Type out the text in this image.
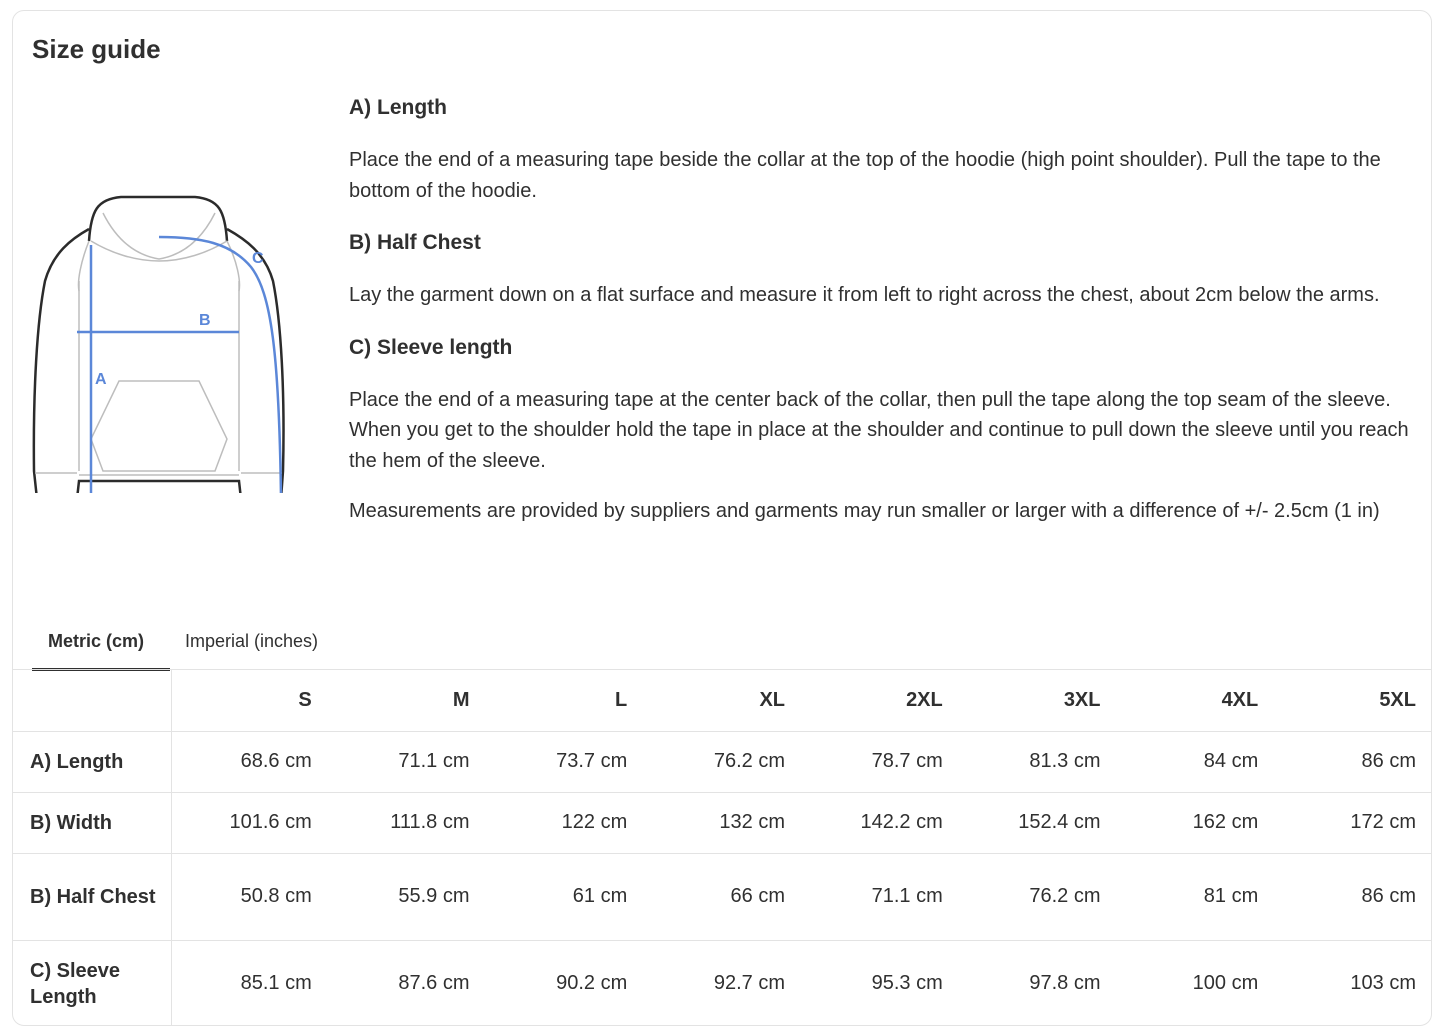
Size guide
A
B
C
A) Length

Place the end of a measuring tape beside the collar at the top of the hoodie (high point shoulder). Pull the tape to the bottom of the hoodie.

B) Half Chest

Lay the garment down on a flat surface and measure it from left to right across the chest, about 2cm below the arms.

C) Sleeve length

Place the end of a measuring tape at the center back of the collar, then pull the tape along the top seam of the sleeve. When you get to the shoulder hold the tape in place at the shoulder and continue to pull down the sleeve until you reach the hem of the sleeve.

Measurements are provided by suppliers and garments may run smaller or larger with a difference of +/- 2.5cm (1 in)

Metric (cm)	Imperial (inches)
	S	M	L	XL	2XL	3XL	4XL	5XL
A) Length	68.6 cm	71.1 cm	73.7 cm	76.2 cm	78.7 cm	81.3 cm	84 cm	86 cm
B) Width	101.6 cm	111.8 cm	122 cm	132 cm	142.2 cm	152.4 cm	162 cm	172 cm
B) Half Chest	50.8 cm	55.9 cm	61 cm	66 cm	71.1 cm	76.2 cm	81 cm	86 cm
C) Sleeve Length	85.1 cm	87.6 cm	90.2 cm	92.7 cm	95.3 cm	97.8 cm	100 cm	103 cm
